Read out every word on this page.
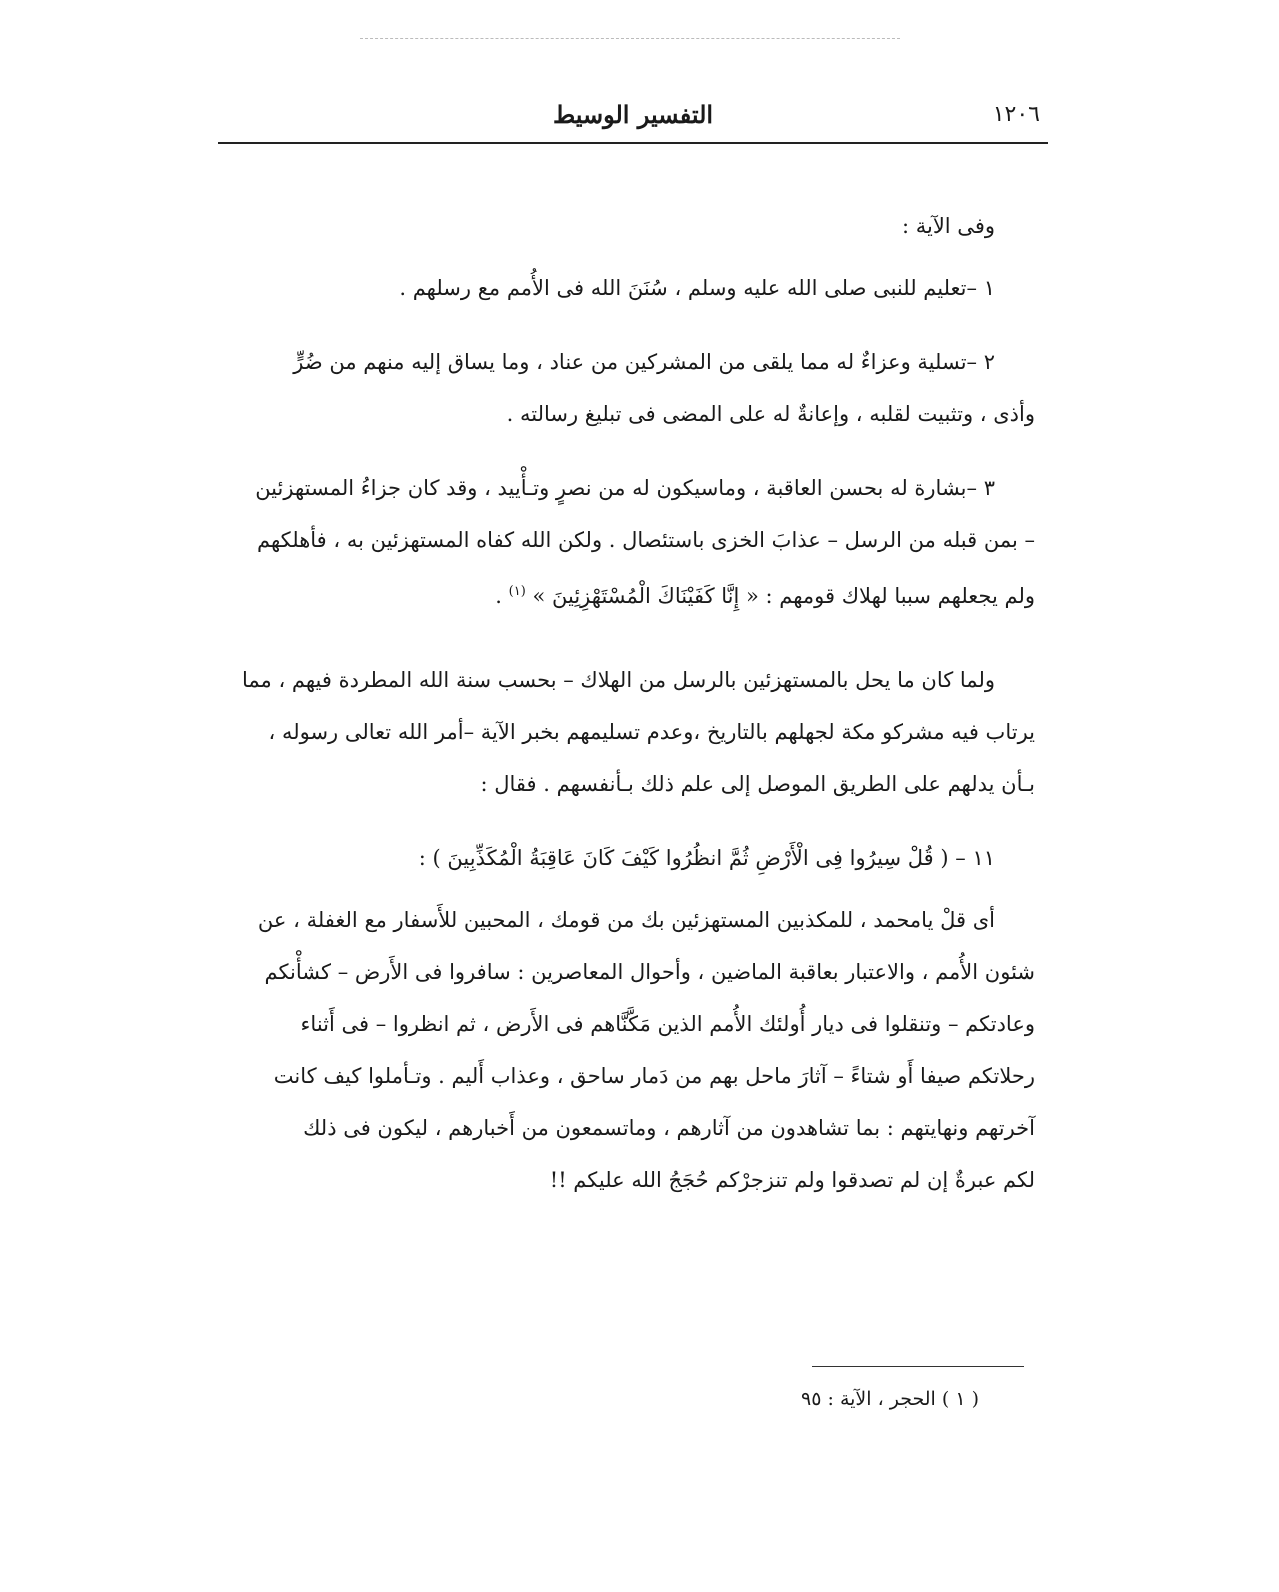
١٢٠٦
التفسير الوسيط

وفى الآية :

١ –تعليم للنبى صلى الله عليه وسلم ، سُنَنَ الله فى الأُمم مع رسلهم .

٢ –تسلية وعزاءٌ له مما يلقى من المشركين من عناد ، وما يساق إليه منهم من ضُرٍّ

وأذى ، وتثبيت لقلبه ، وإعانةٌ له على المضى فى تبليغ رسالته .

٣ –بشارة له بحسن العاقبة ، وماسيكون له من نصرٍ وتـأْييد ، وقد كان جزاءُ المستهزئين

– بمن قبله من الرسل – عذابَ الخزى باستئصال . ولكن الله كفاه المستهزئين به ، فأهلكهم

ولم يجعلهم سببا لهلاك قومهم : « إِنَّا كَفَيْنَاكَ الْمُسْتَهْزِئِينَ » $^{(١)}$ .

ولما كان ما يحل بالمستهزئين بالرسل من الهلاك – بحسب سنة الله المطردة فيهم ، مما

يرتاب فيه مشركو مكة لجهلهم بالتاريخ ،وعدم تسليمهم بخبر الآية –أمر الله تعالى رسوله ،

بـأن يدلهم على الطريق الموصل إلى علم ذلك بـأنفسهم . فقال :

١١ – ( قُلْ سِيرُوا فِى الْأَرْضِ ثُمَّ انظُرُوا كَيْفَ كَانَ عَاقِبَةُ الْمُكَذِّبِينَ ) :

أى قلْ يامحمد ، للمكذبين المستهزئين بك من قومك ، المحبين للأَسفار مع الغفلة ، عن

شئون الأُمم ، والاعتبار بعاقبة الماضين ، وأحوال المعاصرين : سافروا فى الأَرض – كشأْنكم

وعادتكم – وتنقلوا فى ديار أُولئك الأُمم الذين مَكَّنَّاهم فى الأَرض ، ثم انظروا – فى أَثناء

رحلاتكم صيفا أَو شتاءً – آثارَ ماحل بهم من دَمار ساحق ، وعذاب أَليم . وتـأملوا كيف كانت

آخرتهم ونهايتهم : بما تشاهدون من آثارهم ، وماتسمعون من أَخبارهم ، ليكون فى ذلك

لكم عبرةٌ إن لم تصدقوا ولم تنزجرْكم حُجَجُ الله عليكم !!

( ١ ) الحجر ، الآية : ٩٥
